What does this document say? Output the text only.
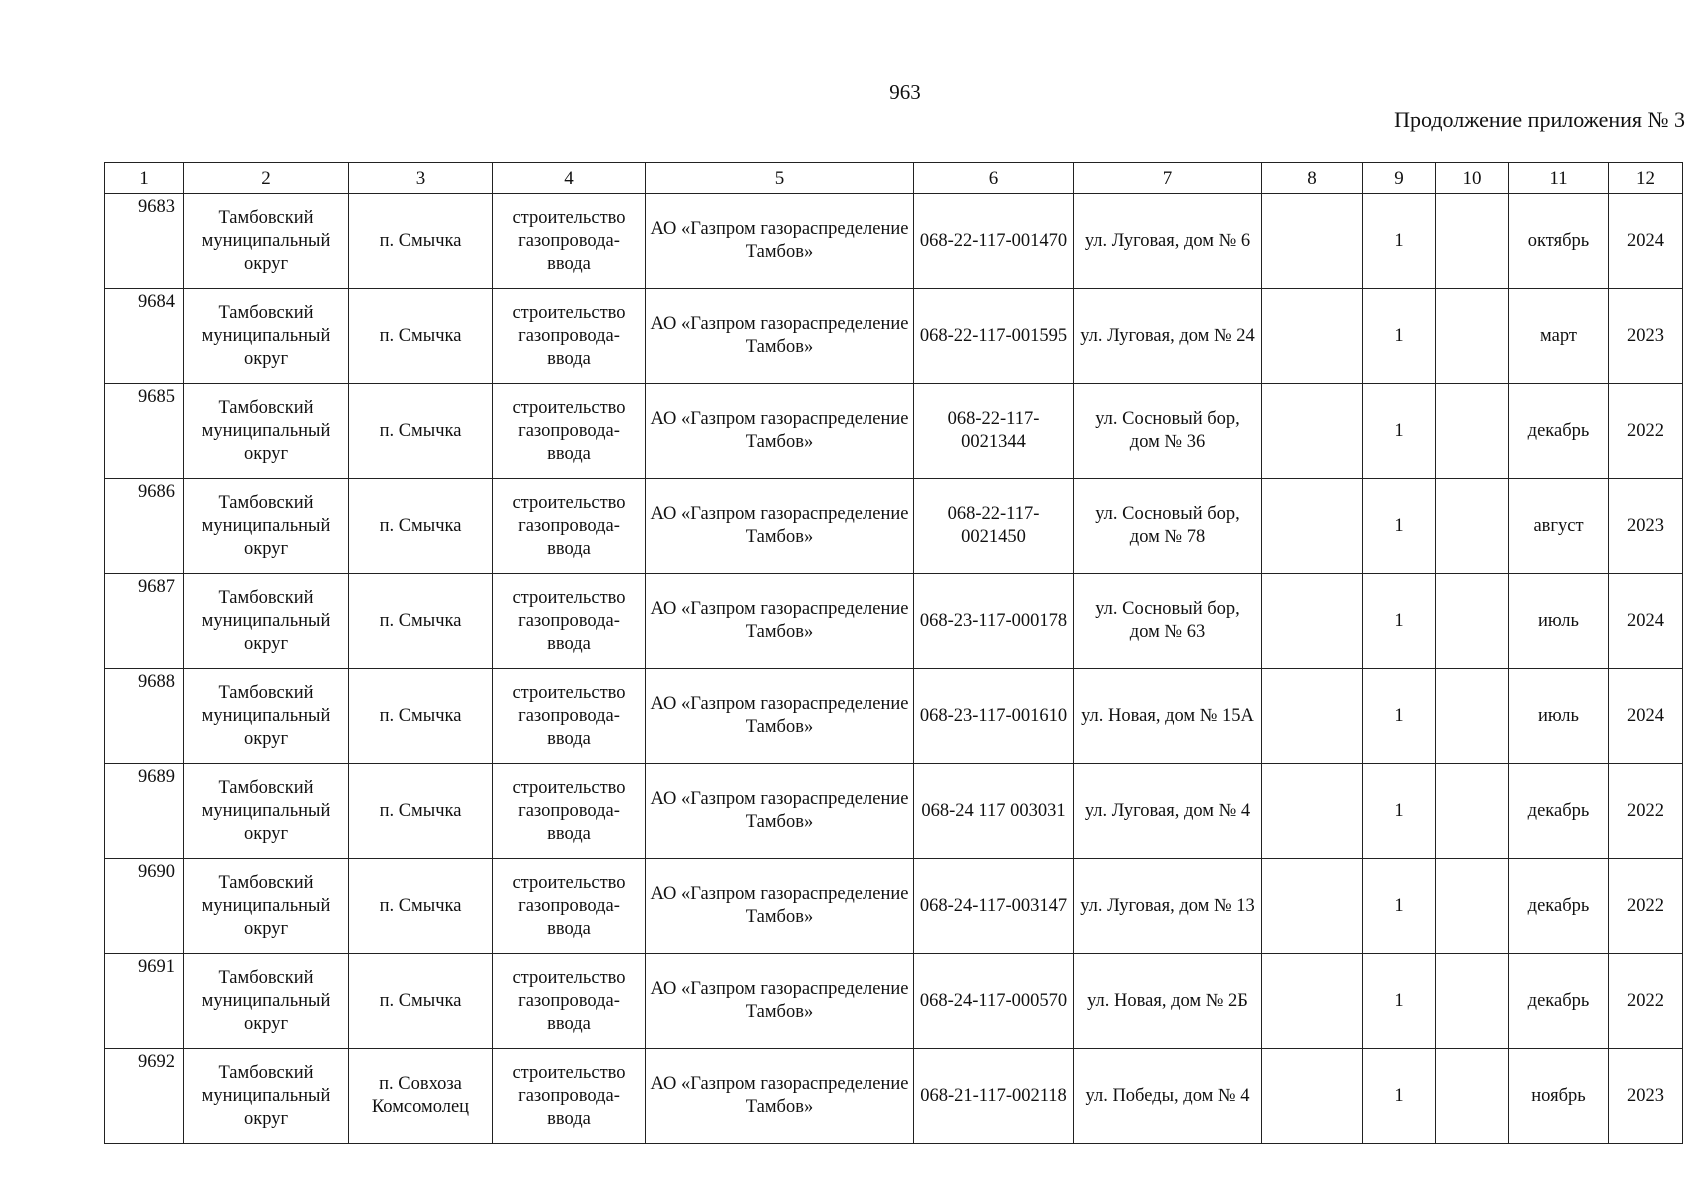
963
Продолжение приложения № 3
1	2	3	4	5	6	7	8	9	10	11	12
9683	Тамбовский муниципальный округ	п. Смычка	строительство газопровода-ввода	АО «Газпром газораспределение Тамбов»	068-22-117-001470	ул. Луговая, дом № 6		1		октябрь	2024
9684	Тамбовский муниципальный округ	п. Смычка	строительство газопровода-ввода	АО «Газпром газораспределение Тамбов»	068-22-117-001595	ул. Луговая, дом № 24		1		март	2023
9685	Тамбовский муниципальный округ	п. Смычка	строительство газопровода-ввода	АО «Газпром газораспределение Тамбов»	068-22-117-0021344	ул. Сосновый бор, дом № 36		1		декабрь	2022
9686	Тамбовский муниципальный округ	п. Смычка	строительство газопровода-ввода	АО «Газпром газораспределение Тамбов»	068-22-117-0021450	ул. Сосновый бор, дом № 78		1		август	2023
9687	Тамбовский муниципальный округ	п. Смычка	строительство газопровода-ввода	АО «Газпром газораспределение Тамбов»	068-23-117-000178	ул. Сосновый бор, дом № 63		1		июль	2024
9688	Тамбовский муниципальный округ	п. Смычка	строительство газопровода-ввода	АО «Газпром газораспределение Тамбов»	068-23-117-001610	ул. Новая, дом № 15А		1		июль	2024
9689	Тамбовский муниципальный округ	п. Смычка	строительство газопровода-ввода	АО «Газпром газораспределение Тамбов»	068-24 117 003031	ул. Луговая, дом № 4		1		декабрь	2022
9690	Тамбовский муниципальный округ	п. Смычка	строительство газопровода-ввода	АО «Газпром газораспределение Тамбов»	068-24-117-003147	ул. Луговая, дом № 13		1		декабрь	2022
9691	Тамбовский муниципальный округ	п. Смычка	строительство газопровода-ввода	АО «Газпром газораспределение Тамбов»	068-24-117-000570	ул. Новая, дом № 2Б		1		декабрь	2022
9692	Тамбовский муниципальный округ	п. Совхоза Комсомолец	строительство газопровода-ввода	АО «Газпром газораспределение Тамбов»	068-21-117-002118	ул. Победы, дом № 4		1		ноябрь	2023
